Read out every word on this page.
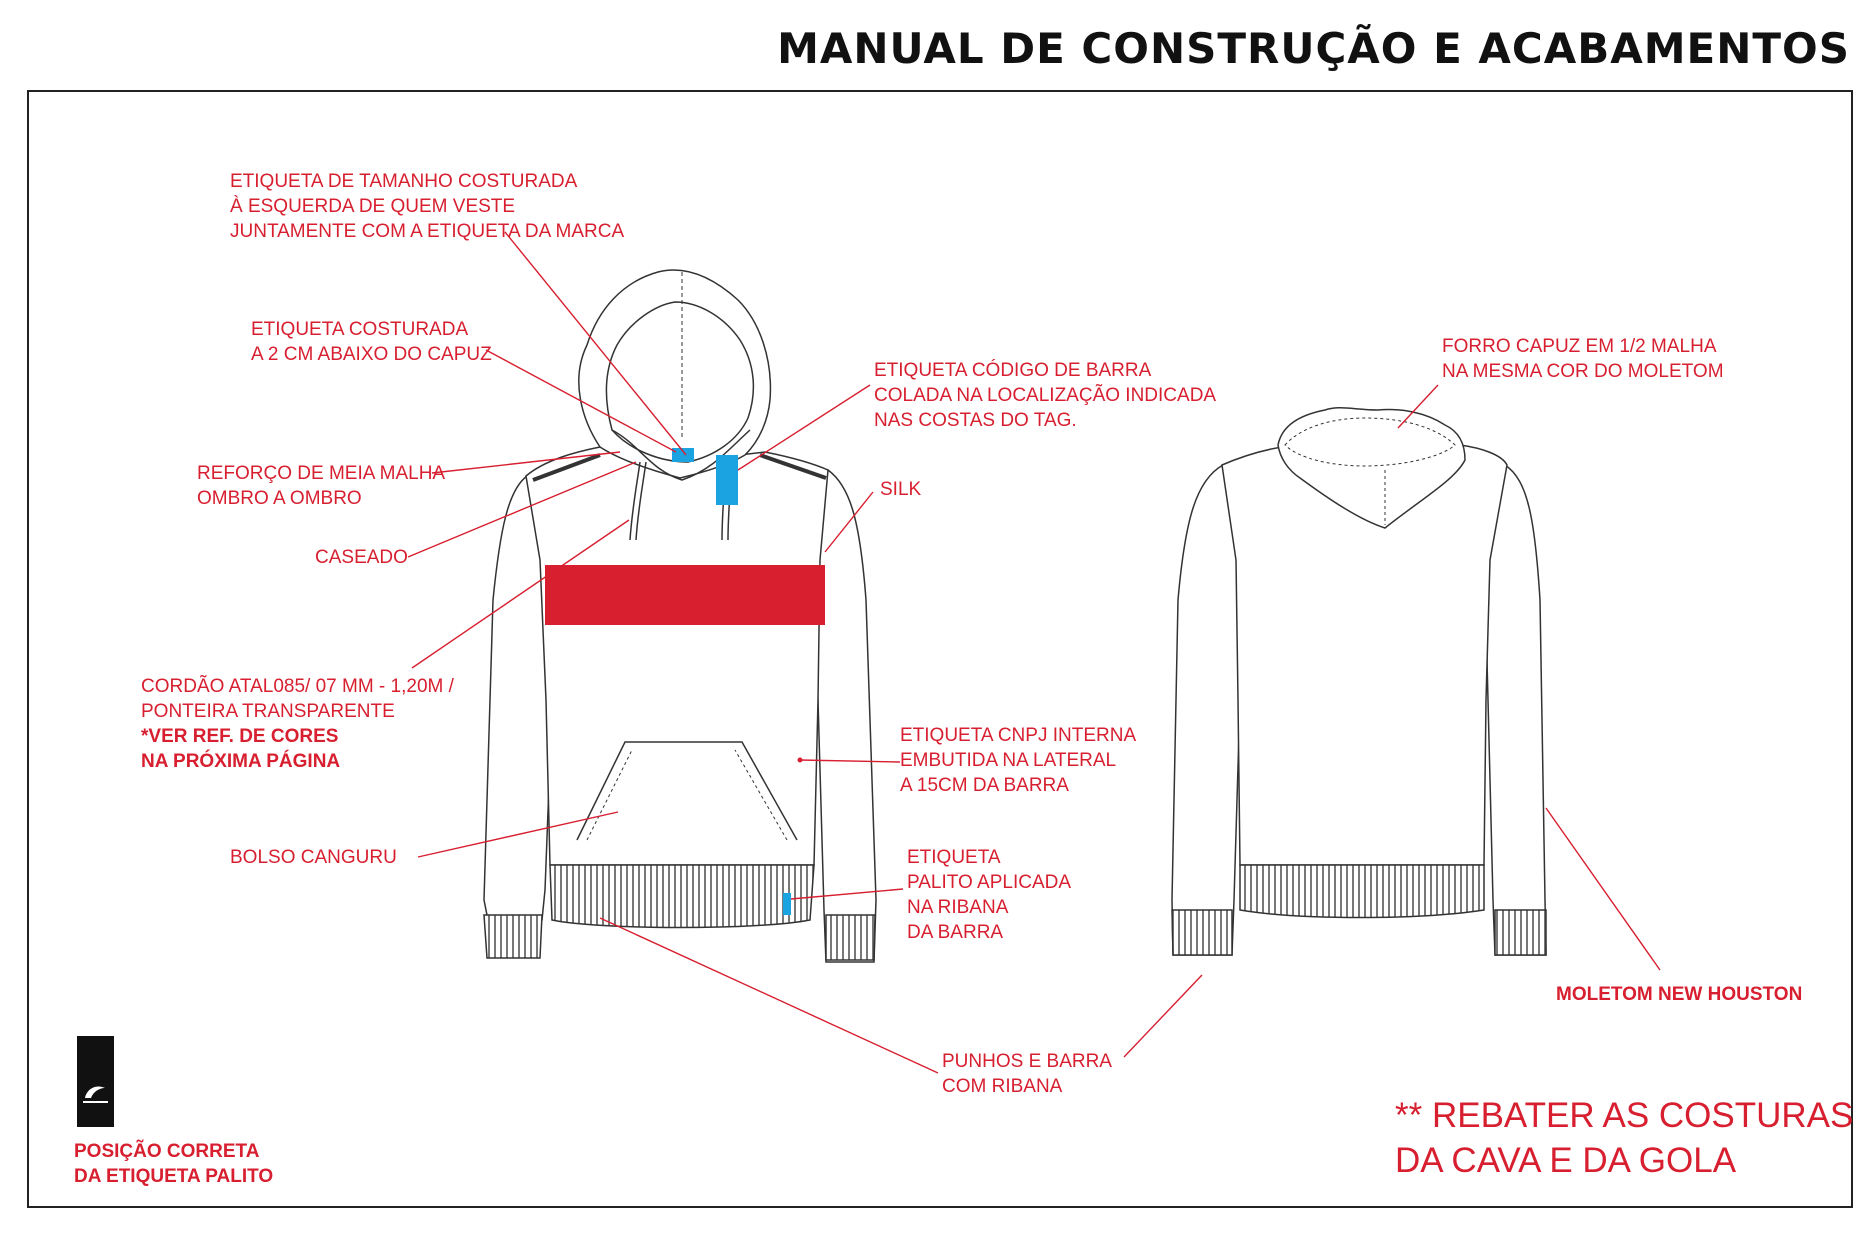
MANUAL DE CONSTRUÇÃO E ACABAMENTOS
ETIQUETA DE TAMANHO COSTURADA
À ESQUERDA DE QUEM VESTE
JUNTAMENTE COM A ETIQUETA DA MARCA
ETIQUETA COSTURADA
A 2 CM ABAIXO DO CAPUZ
REFORÇO DE MEIA MALHA
OMBRO A OMBRO
CASEADO
CORDÃO ATAL085/ 07 MM - 1,20M /
PONTEIRA TRANSPARENTE
*VER REF. DE CORES
NA PRÓXIMA PÁGINA
BOLSO CANGURU
ETIQUETA CÓDIGO DE BARRA
COLADA NA LOCALIZAÇÃO INDICADA
NAS COSTAS DO TAG.
SILK
ETIQUETA CNPJ INTERNA
EMBUTIDA NA LATERAL
A 15CM DA BARRA
ETIQUETA
PALITO APLICADA
NA RIBANA
DA BARRA
PUNHOS E BARRA
COM RIBANA
FORRO CAPUZ EM 1/2 MALHA
NA MESMA COR DO MOLETOM
MOLETOM NEW HOUSTON
POSIÇÃO CORRETA
DA ETIQUETA PALITO
** REBATER AS COSTURAS
DA CAVA E DA GOLA
